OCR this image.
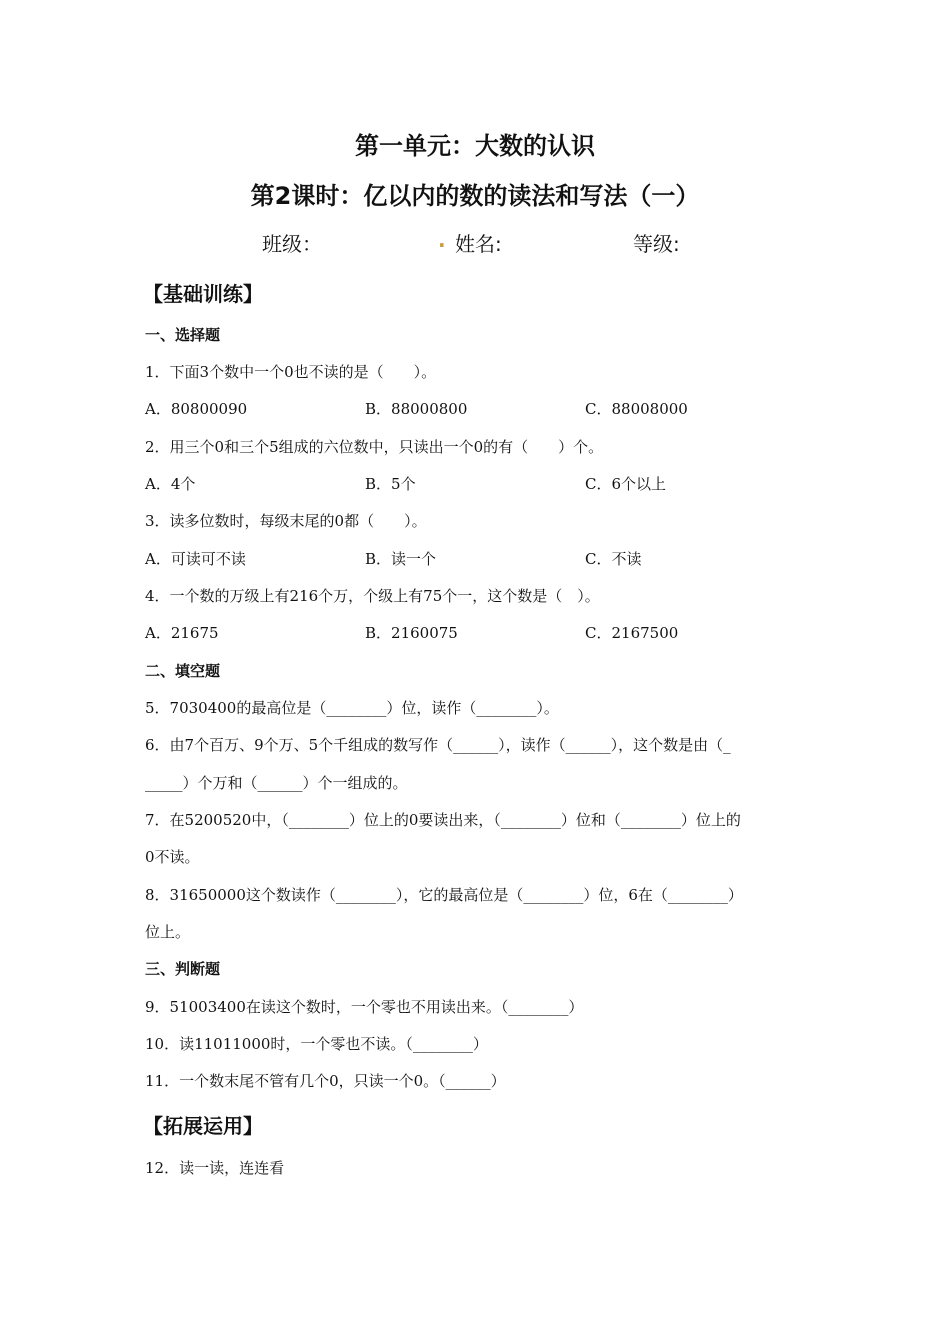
第一单元：大数的认识
第2课时：亿以内的数的读法和写法（一）
班级：	. 姓名:	等级:
【基础训练】
一、选择题
1．下面3个数中一个0也不读的是（　　）。
A．80800090	B．88000800	C．88008000
2．用三个0和三个5组成的六位数中，只读出一个0的有（　　）个。
A．4个	B．5个	C．6个以上
3．读多位数时，每级末尾的0都（　　）。
A．可读可不读	B．读一个	C．不读
4．一个数的万级上有216个万，个级上有75个一，这个数是（　）。
A．21675	B．2160075	C．2167500
二、填空题
5．7030400的最高位是（________）位，读作（________）。
6．由7个百万、9个万、5个千组成的数写作（______），读作（______），这个数是由（_
_____）个万和（______）个一组成的。
7．在5200520中，（________）位上的0要读出来，（________）位和（________）位上的
0不读。
8．31650000这个数读作（________），它的最高位是（________）位，6在（________）
位上。
三、判断题
9．51003400在读这个数时，一个零也不用读出来。（________）
10．读11011000时，一个零也不读。（________）
11．一个数末尾不管有几个0，只读一个0。（______）
【拓展运用】
12．读一读，连连看
